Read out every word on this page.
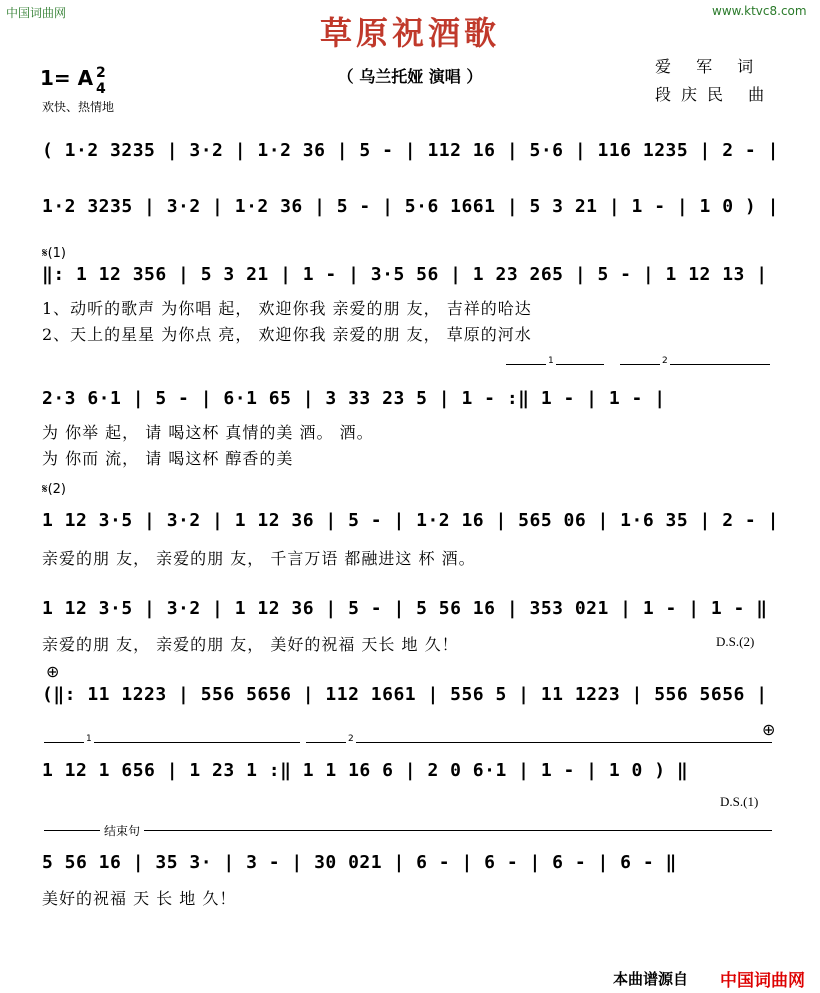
中国词曲网	www.ktvc8.com
草原祝酒歌
（ 乌兰托娅 演唱 ）
爱 军 词
段庆民 曲
1= A 2
4
欢快、热情地
( 1·2 3235 | 3·2 | 1·2 36 | 5 - | 112 16 | 5·6 | 116 1235 | 2 - |
1·2 3235 | 3·2 | 1·2 36 | 5 - | 5·6 1661 | 5 3 21 | 1 - | 1 0 ) |
𝄋(1)
‖: 1 12 356 | 5 3 21 | 1 - | 3·5 56 | 1 23 265 | 5 - | 1 12 13 |
1、动听的歌声 为你唱 起， 欢迎你我 亲爱的朋 友， 吉祥的哈达
2、天上的星星 为你点 亮， 欢迎你我 亲爱的朋 友， 草原的河水
1	2
2·3 6·1 | 5 - | 6·1 65 | 3 33 23 5 | 1 - :‖ 1 - | 1 - |
为 你举 起， 请 喝这杯 真情的美 酒。 酒。
为 你而 流， 请 喝这杯 醇香的美
𝄋(2)
1 12 3·5 | 3·2 | 1 12 36 | 5 - | 1·2 16 | 565 06 | 1·6 35 | 2 - |
亲爱的朋 友， 亲爱的朋 友， 千言万语 都融进这 杯 酒。
1 12 3·5 | 3·2 | 1 12 36 | 5 - | 5 56 16 | 353 021 | 1 - | 1 - ‖
亲爱的朋 友， 亲爱的朋 友， 美好的祝福 天长 地 久！	D.S.(2)
⊕
(‖: 11 1223 | 556 5656 | 112 1661 | 556 5 | 11 1223 | 556 5656 |
1	2	⊕
1 12 1 656 | 1 23 1 :‖ 1 1 16 6 | 2 0 6·1 | 1 - | 1 0 ) ‖
D.S.(1)
结束句
5 56 16 | 35 3· | 3 - | 30 021 | 6 - | 6 - | 6 - | 6 - ‖
美好的祝福 天 长 地 久！
本曲谱源自 中国词曲网
